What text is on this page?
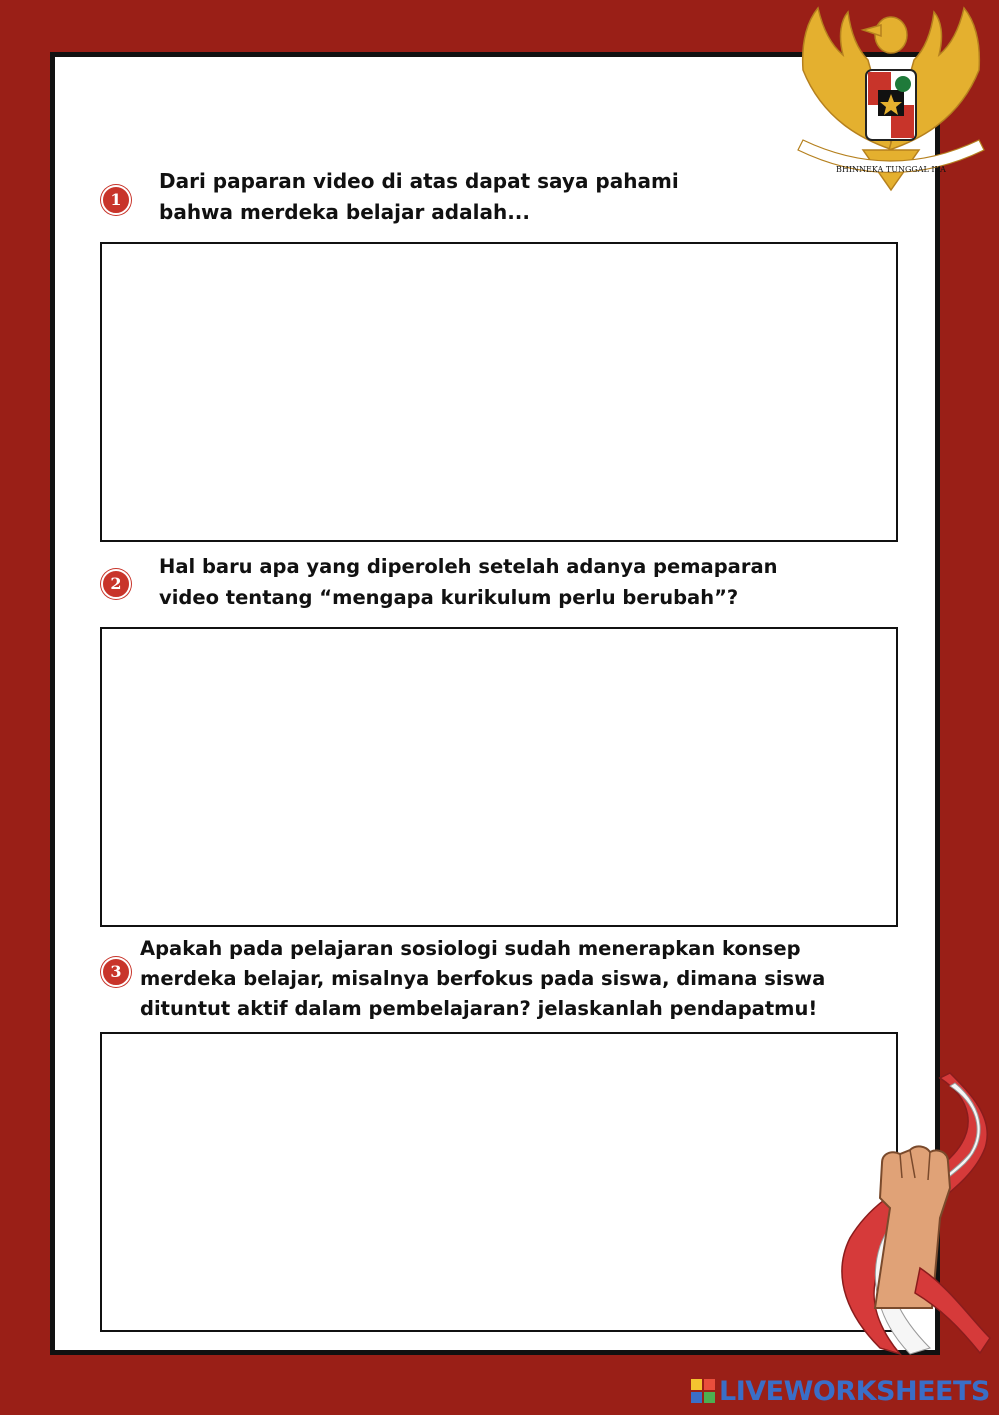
BHINNEKA TUNGGAL IKA
1
Dari paparan video di atas dapat saya pahami
bahwa merdeka belajar adalah...
2
Hal baru apa yang diperoleh setelah adanya pemaparan
video tentang “mengapa kurikulum perlu berubah”?
3
Apakah pada pelajaran sosiologi sudah menerapkan konsep
merdeka belajar, misalnya berfokus pada siswa, dimana siswa
dituntut aktif dalam pembelajaran? jelaskanlah pendapatmu!
LIVEWORKSHEETS
